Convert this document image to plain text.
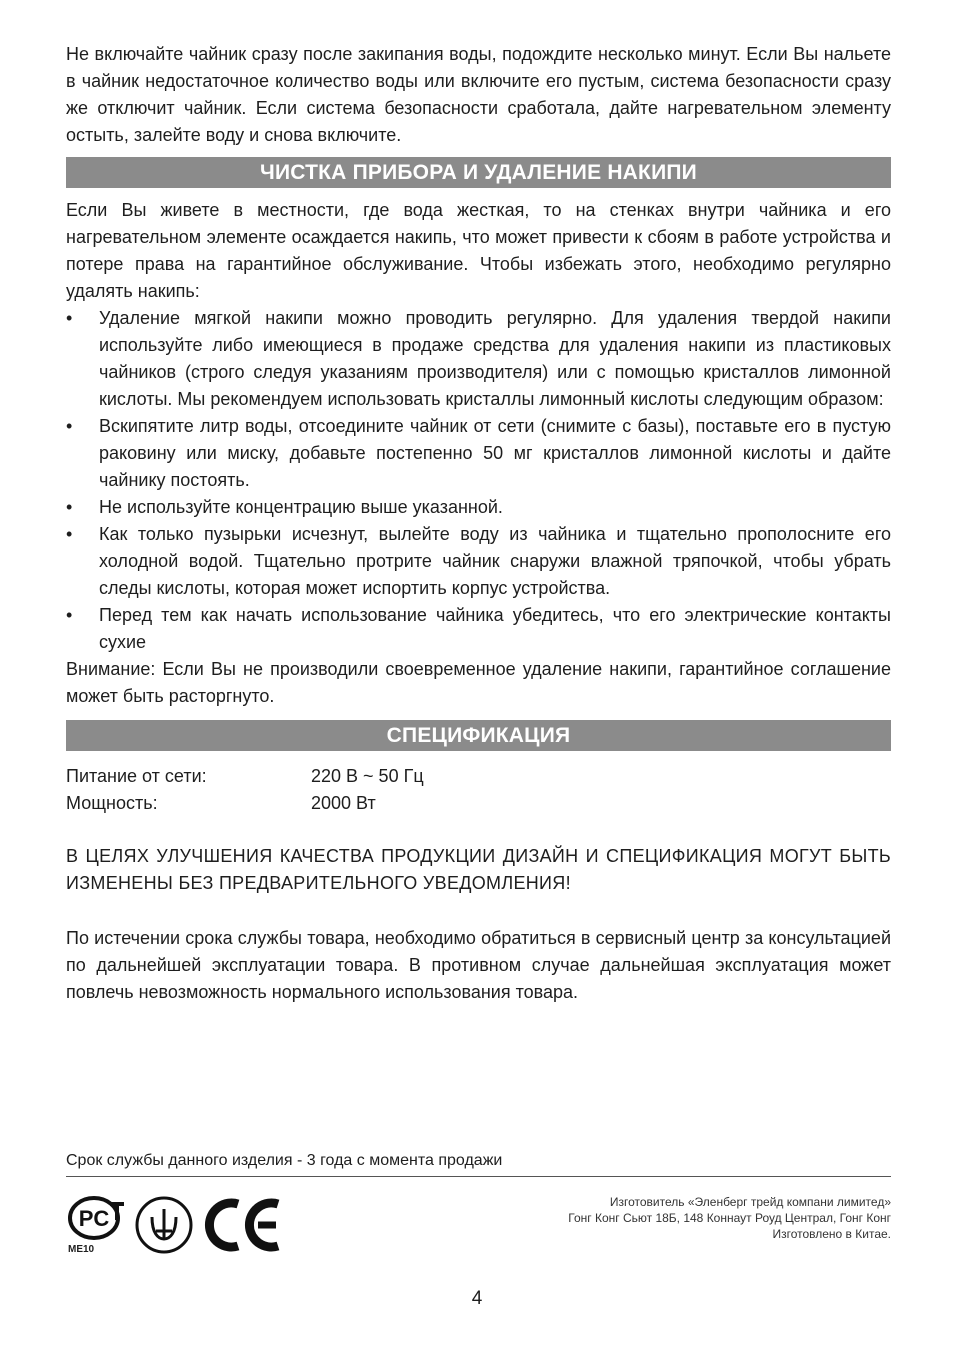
Не включайте чайник сразу после закипания воды, подождите несколько минут. Если Вы нальете в чайник недостаточное количество воды или включите его пустым, система безопасности сразу же отключит чайник. Если система безопасности сработала, дайте нагревательном элементу остыть, залейте воду и снова включите.

ЧИСТКА ПРИБОРА И УДАЛЕНИЕ НАКИПИ

Если Вы живете в местности, где вода жесткая, то на стенках внутри чайника и его нагревательном элементе осаждается накипь, что может привести к сбоям в работе устройства и потере права на гарантийное обслуживание. Чтобы избежать этого, необходимо регулярно удалять накипь:

• Удаление мягкой накипи можно проводить регулярно. Для удаления твердой накипи используйте либо имеющиеся в продаже средства для удаления накипи из пластиковых чайников (строго следуя указаниям производителя) или с помощью кристаллов лимонной кислоты. Мы рекомендуем использовать кристаллы лимонный кислоты следующим образом:
• Вскипятите литр воды, отсоедините чайник от сети (снимите с базы), поставьте его в пустую раковину или миску, добавьте постепенно 50 мг кристаллов лимонной кислоты и дайте чайнику постоять.
• Не используйте концентрацию выше указанной.
• Как только пузырьки исчезнут, вылейте воду из чайника и тщательно прополосните его холодной водой. Тщательно протрите чайник снаружи влажной тряпочкой, чтобы убрать следы кислоты, которая может испортить корпус устройства.
• Перед тем как начать использование чайника убедитесь, что его электрические контакты сухие

Внимание: Если Вы не производили своевременное удаление накипи, гарантийное соглашение может быть расторгнуто.

СПЕЦИФИКАЦИЯ
Питание от сети:	220 В ~ 50 Гц
Мощность:	2000 Вт

В ЦЕЛЯХ УЛУЧШЕНИЯ КАЧЕСТВА ПРОДУКЦИИ ДИЗАЙН И СПЕЦИФИКАЦИЯ МОГУТ БЫТЬ ИЗМЕНЕНЫ БЕЗ ПРЕДВАРИТЕЛЬНОГО УВЕДОМЛЕНИЯ!

По истечении срока службы товара, необходимо обратиться в сервисный центр за консультацией по дальнейшей эксплуатации товара. В противном случае дальнейшая эксплуатация может повлечь невозможность нормального использования товара.

Срок службы данного изделия - 3 года с момента продажи
PC
МЕ10
Изготовитель «Эленберг трейд компани лимитед»
Гонг Конг Сьют 18Б, 148 Коннаут Роуд Централ, Гонг Конг
Изготовлено в Китае.
4
